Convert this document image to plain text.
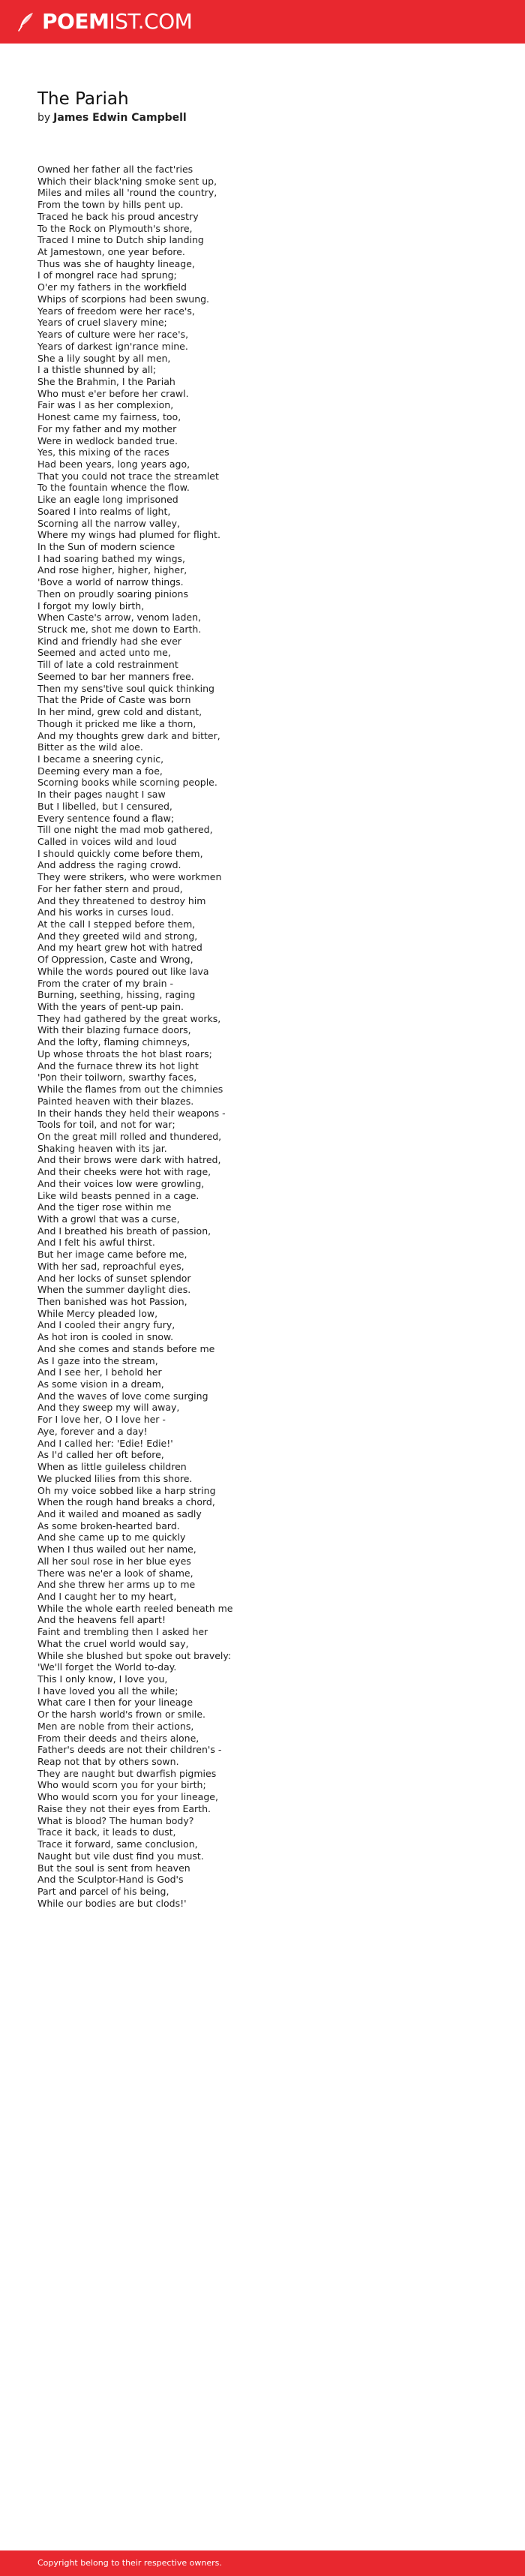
POEMIST.COM
The Pariah
by James Edwin Campbell
Owned her father all the fact'ries
Which their black'ning smoke sent up,
Miles and miles all 'round the country,
From the town by hills pent up.
Traced he back his proud ancestry
To the Rock on Plymouth's shore,
Traced I mine to Dutch ship landing
At Jamestown, one year before.
Thus was she of haughty lineage,
I of mongrel race had sprung;
O'er my fathers in the workfield
Whips of scorpions had been swung.
Years of freedom were her race's,
Years of cruel slavery mine;
Years of culture were her race's,
Years of darkest ign'rance mine.
She a lily sought by all men,
I a thistle shunned by all;
She the Brahmin, I the Pariah
Who must e'er before her crawl.
Fair was I as her complexion,
Honest came my fairness, too,
For my father and my mother
Were in wedlock banded true.
Yes, this mixing of the races
Had been years, long years ago,
That you could not trace the streamlet
To the fountain whence the flow.
Like an eagle long imprisoned
Soared I into realms of light,
Scorning all the narrow valley,
Where my wings had plumed for flight.
In the Sun of modern science
I had soaring bathed my wings,
And rose higher, higher, higher,
'Bove a world of narrow things.
Then on proudly soaring pinions
I forgot my lowly birth,
When Caste's arrow, venom laden,
Struck me, shot me down to Earth.
Kind and friendly had she ever
Seemed and acted unto me,
Till of late a cold restrainment
Seemed to bar her manners free.
Then my sens'tive soul quick thinking
That the Pride of Caste was born
In her mind, grew cold and distant,
Though it pricked me like a thorn,
And my thoughts grew dark and bitter,
Bitter as the wild aloe.
I became a sneering cynic,
Deeming every man a foe,
Scorning books while scorning people.
In their pages naught I saw
But I libelled, but I censured,
Every sentence found a flaw;
Till one night the mad mob gathered,
Called in voices wild and loud
I should quickly come before them,
And address the raging crowd.
They were strikers, who were workmen
For her father stern and proud,
And they threatened to destroy him
And his works in curses loud.
At the call I stepped before them,
And they greeted wild and strong,
And my heart grew hot with hatred
Of Oppression, Caste and Wrong,
While the words poured out like lava
From the crater of my brain -
Burning, seething, hissing, raging
With the years of pent-up pain.
They had gathered by the great works,
With their blazing furnace doors,
And the lofty, flaming chimneys,
Up whose throats the hot blast roars;
And the furnace threw its hot light
'Pon their toilworn, swarthy faces,
While the flames from out the chimnies
Painted heaven with their blazes.
In their hands they held their weapons -
Tools for toil, and not for war;
On the great mill rolled and thundered,
Shaking heaven with its jar.
And their brows were dark with hatred,
And their cheeks were hot with rage,
And their voices low were growling,
Like wild beasts penned in a cage.
And the tiger rose within me
With a growl that was a curse,
And I breathed his breath of passion,
And I felt his awful thirst.
But her image came before me,
With her sad, reproachful eyes,
And her locks of sunset splendor
When the summer daylight dies.
Then banished was hot Passion,
While Mercy pleaded low,
And I cooled their angry fury,
As hot iron is cooled in snow.
And she comes and stands before me
As I gaze into the stream,
And I see her, I behold her
As some vision in a dream,
And the waves of love come surging
And they sweep my will away,
For I love her, O I love her -
Aye, forever and a day!
And I called her: 'Edie! Edie!'
As I'd called her oft before,
When as little guileless children
We plucked lilies from this shore.
Oh my voice sobbed like a harp string
When the rough hand breaks a chord,
And it wailed and moaned as sadly
As some broken-hearted bard.
And she came up to me quickly
When I thus wailed out her name,
All her soul rose in her blue eyes
There was ne'er a look of shame,
And she threw her arms up to me
And I caught her to my heart,
While the whole earth reeled beneath me
And the heavens fell apart!
Faint and trembling then I asked her
What the cruel world would say,
While she blushed but spoke out bravely:
'We'll forget the World to-day.
This I only know, I love you,
I have loved you all the while;
What care I then for your lineage
Or the harsh world's frown or smile.
Men are noble from their actions,
From their deeds and theirs alone,
Father's deeds are not their children's -
Reap not that by others sown.
They are naught but dwarfish pigmies
Who would scorn you for your birth;
Who would scorn you for your lineage,
Raise they not their eyes from Earth.
What is blood? The human body?
Trace it back, it leads to dust,
Trace it forward, same conclusion,
Naught but vile dust find you must.
But the soul is sent from heaven
And the Sculptor-Hand is God's
Part and parcel of his being,
While our bodies are but clods!'
Copyright belong to their respective owners.
